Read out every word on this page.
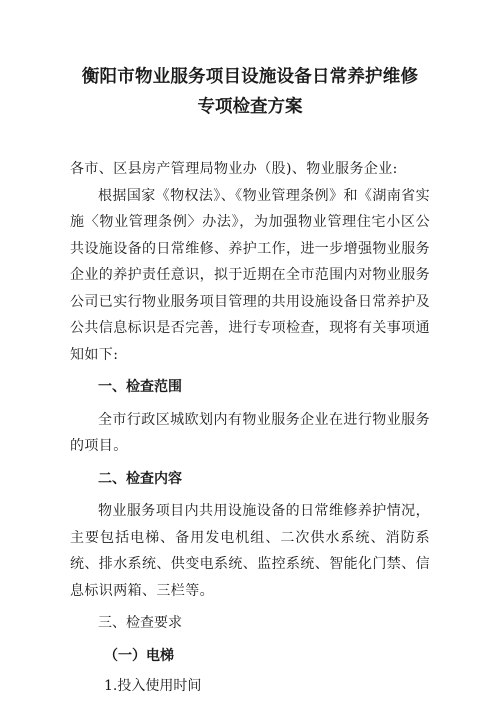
衡阳市物业服务项目设施设备日常养护维修

专项检查方案

各市、区县房产管理局物业办（股)、物业服务企业:

根据国家《物权法》、《物业管理条例》和《湖南省实施〈物业管理条例〉办法》，为加强物业管理住宅小区公共设施设备的日常维修、养护工作，进一步增强物业服务企业的养护责任意识，拟于近期在全市范围内对物业服务公司已实行物业服务项目管理的共用设施设备日常养护及公共信息标识是否完善，进行专项检查，现将有关事项通知如下:

一、检查范围

全市行政区城欧划内有物业服务企业在进行物业服务的项目。

二、检查内容

物业服务项目内共用设施设备的日常维修养护情况，主要包括电梯、备用发电机组、二次供水系统、消防系统、排水系统、供变电系统、监控系统、智能化门禁、信息标识两箱、三栏等。

三、检查要求

（一）电梯

1.投入使用时间
